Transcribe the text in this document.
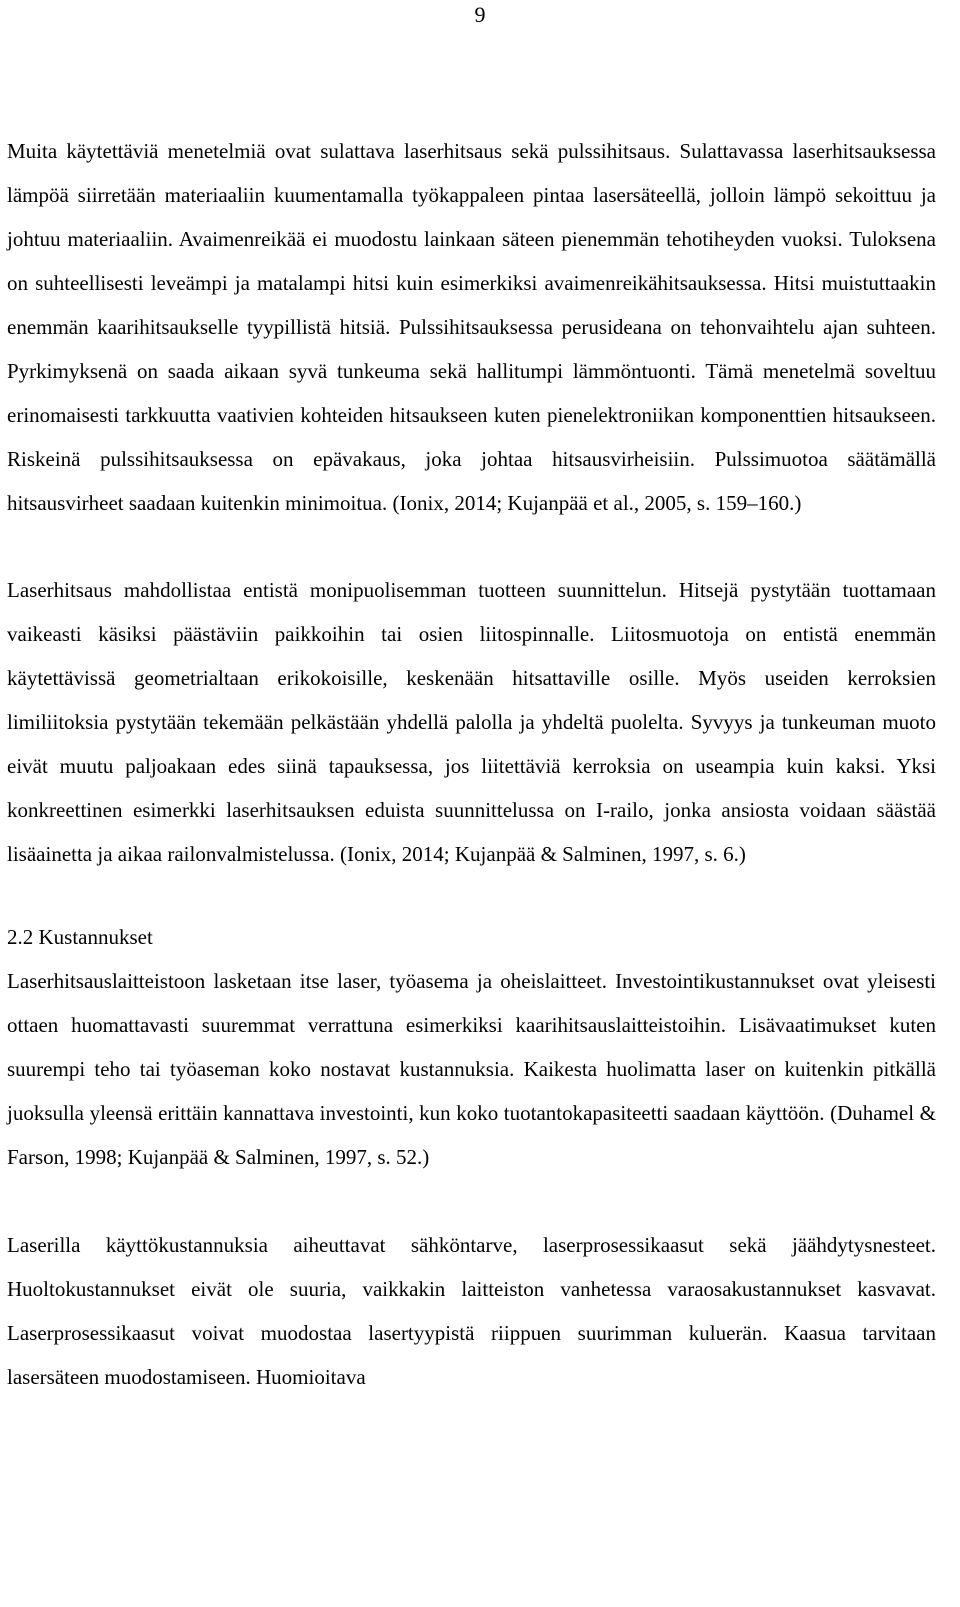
9

Muita käytettäviä menetelmiä ovat sulattava laserhitsaus sekä pulssihitsaus. Sulattavassa laserhitsauksessa lämpöä siirretään materiaaliin kuumentamalla työkappaleen pintaa lasersäteellä, jolloin lämpö sekoittuu ja johtuu materiaaliin. Avaimenreikää ei muodostu lainkaan säteen pienemmän tehotiheyden vuoksi. Tuloksena on suhteellisesti leveämpi ja matalampi hitsi kuin esimerkiksi avaimenreikähitsauksessa. Hitsi muistuttaakin enemmän kaarihitsaukselle tyypillistä hitsiä. Pulssihitsauksessa perusideana on tehonvaihtelu ajan suhteen. Pyrkimyksenä on saada aikaan syvä tunkeuma sekä hallitumpi lämmöntuonti. Tämä menetelmä soveltuu erinomaisesti tarkkuutta vaativien kohteiden hitsaukseen kuten pienelektroniikan komponenttien hitsaukseen. Riskeinä pulssihitsauksessa on epävakaus, joka johtaa hitsausvirheisiin. Pulssimuotoa säätämällä hitsausvirheet saadaan kuitenkin minimoitua. (Ionix, 2014; Kujanpää et al., 2005, s. 159–160.)

Laserhitsaus mahdollistaa entistä monipuolisemman tuotteen suunnittelun. Hitsejä pystytään tuottamaan vaikeasti käsiksi päästäviin paikkoihin tai osien liitospinnalle. Liitosmuotoja on entistä enemmän käytettävissä geometrialtaan erikokoisille, keskenään hitsattaville osille. Myös useiden kerroksien limiliitoksia pystytään tekemään pelkästään yhdellä palolla ja yhdeltä puolelta. Syvyys ja tunkeuman muoto eivät muutu paljoakaan edes siinä tapauksessa, jos liitettäviä kerroksia on useampia kuin kaksi. Yksi konkreettinen esimerkki laserhitsauksen eduista suunnittelussa on I-railo, jonka ansiosta voidaan säästää lisäainetta ja aikaa railonvalmistelussa. (Ionix, 2014; Kujanpää & Salminen, 1997, s. 6.)

2.2 Kustannukset

Laserhitsauslaitteistoon lasketaan itse laser, työasema ja oheislaitteet. Investointikustannukset ovat yleisesti ottaen huomattavasti suuremmat verrattuna esimerkiksi kaarihitsauslaitteistoihin. Lisävaatimukset kuten suurempi teho tai työaseman koko nostavat kustannuksia. Kaikesta huolimatta laser on kuitenkin pitkällä juoksulla yleensä erittäin kannattava investointi, kun koko tuotantokapasiteetti saadaan käyttöön. (Duhamel & Farson, 1998; Kujanpää & Salminen, 1997, s. 52.)

Laserilla käyttökustannuksia aiheuttavat sähköntarve, laserprosessikaasut sekä jäähdytysnesteet. Huoltokustannukset eivät ole suuria, vaikkakin laitteiston vanhetessa varaosakustannukset kasvavat. Laserprosessikaasut voivat muodostaa lasertyypistä riippuen suurimman kuluerän. Kaasua tarvitaan lasersäteen muodostamiseen. Huomioitava
